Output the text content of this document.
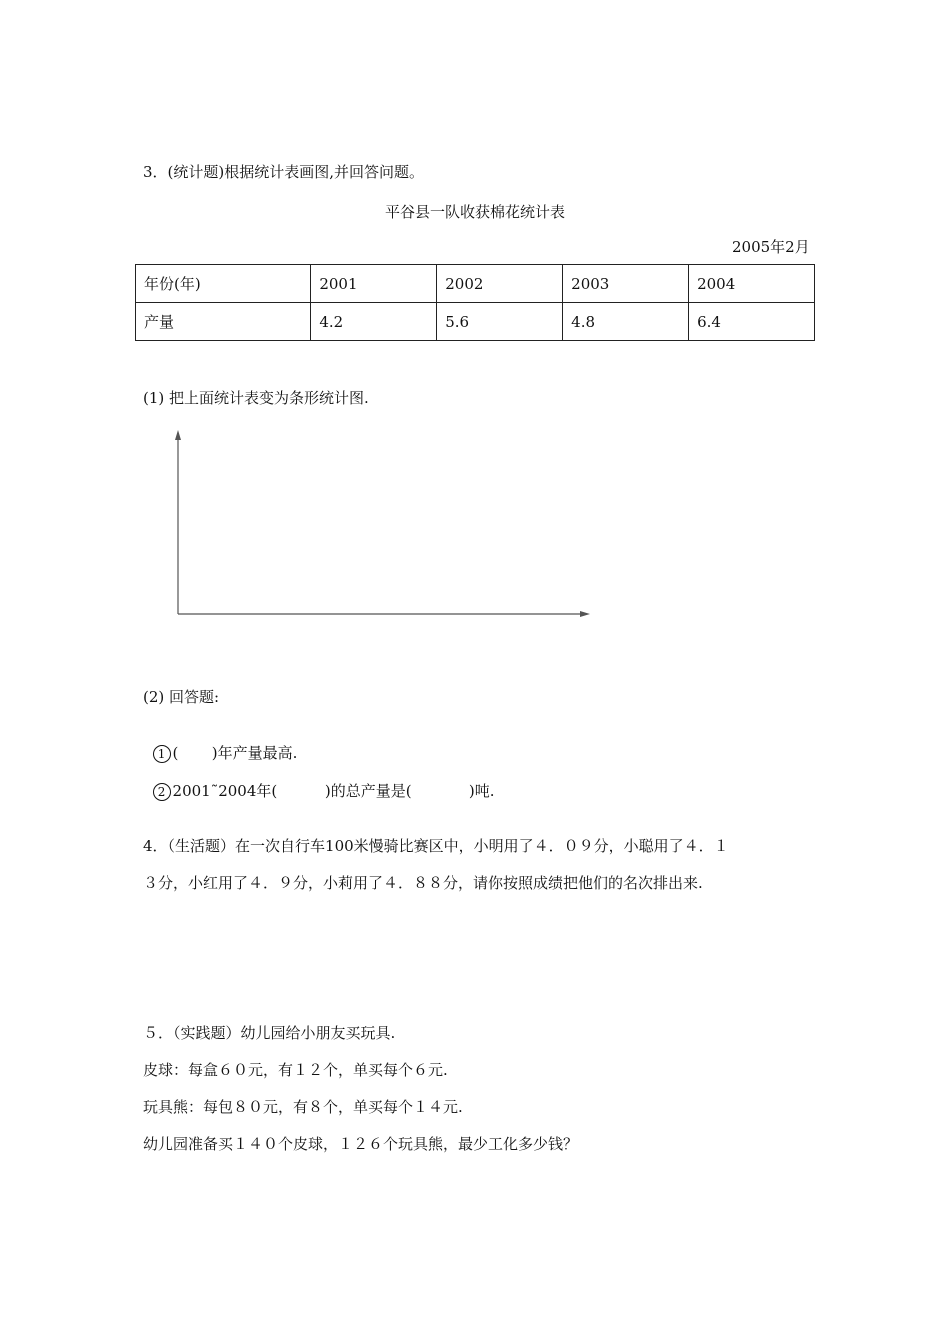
3．(统计题)根据统计表画图,并回答问题。
平谷县一队收获棉花统计表
2005年2月
年份(年)	2001	2002	2003	2004
产量	4.2	5.6	4.8	6.4
(1) 把上面统计表变为条形统计图.
(2) 回答题:

1 (       )年产量最高.

2 2001˜2004年(          )的总产量是(            )吨.

4．（生活题）在一次自行车100米慢骑比赛区中，小明用了４．０９分，小聪用了４．１
３分，小红用了４．９分，小莉用了４．８８分，请你按照成绩把他们的名次排出来.
５．（实践题）幼儿园给小朋友买玩具.
皮球：每盒６０元，有１２个，单买每个６元.
玩具熊：每包８０元，有８个，单买每个１４元.
幼儿园准备买１４０个皮球，１２６个玩具熊，最少工化多少钱？
